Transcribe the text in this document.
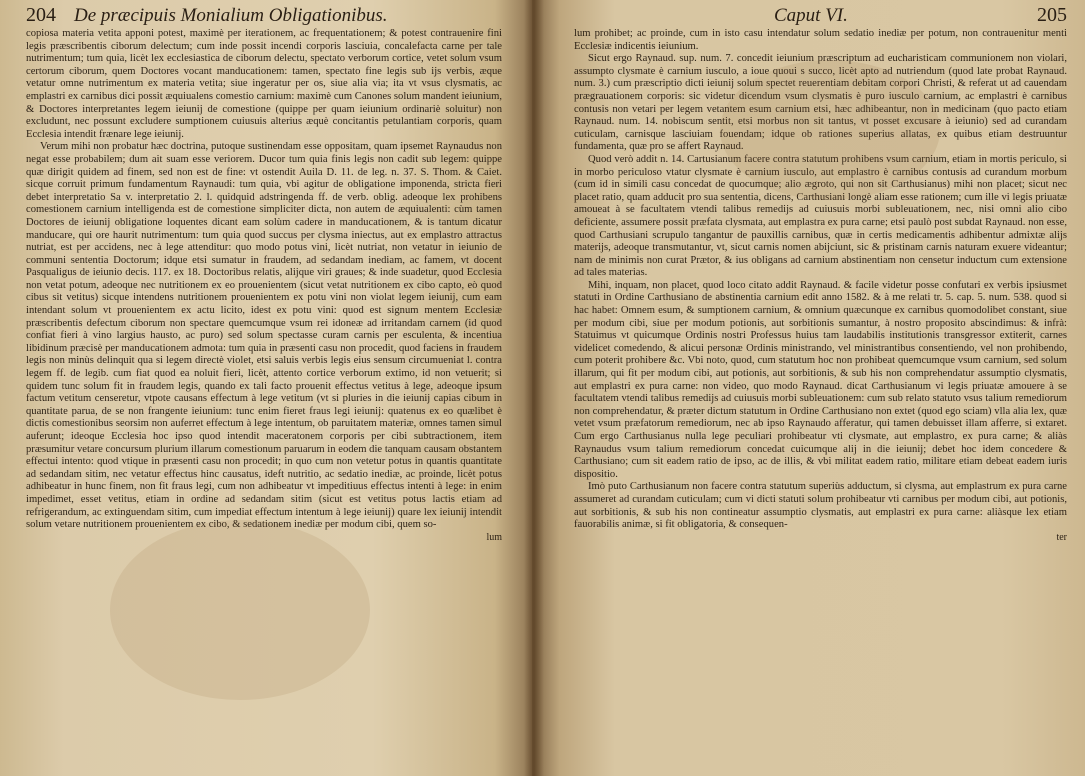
204 De præcipuis Monialium Obligationibus.

copiosa materia vetita apponi potest, maximè per iterationem, ac frequentationem; & potest contrauenire fini legis præscribentis ciborum delectum; cum inde possit incendi corporis lasciuia, concalefacta carne per tale nutrimentum; tum quia, licèt lex ecclesiastica de ciborum delectu, spectato verborum cortice, vetet solum vsum certorum ciborum, quem Doctores vocant manducationem: tamen, spectato fine legis sub ijs verbis, æque vetatur omne nutrimentum ex materia vetita; siue ingeratur per os, siue alia via; ita vt vsus clysmatis, ac emplastri ex carnibus dici possit æquiualens comestio carnium: maximè cum Canones solum mandent ieiunium, & Doctores interpretantes legem ieiunij de comestione (quippe per quam ieiunium ordinariè soluitur) non excludunt, nec possunt excludere sumptionem cuiusuis alterius æquè concitantis petulantiam corporis, quam Ecclesia intendit frænare lege ieiunij.

Verum mihi non probatur hæc doctrina, putoque sustinendam esse oppositam, quam ipsemet Raynaudus non negat esse probabilem; dum ait suam esse veriorem. Ducor tum quia finis legis non cadit sub legem: quippe quæ dirigit quidem ad finem, sed non est de fine: vt ostendit Auila D. 11. de leg. n. 37. S. Thom. & Caiet. sicque corruit primum fundamentum Raynaudi: tum quia, vbi agitur de obligatione imponenda, stricta fieri debet interpretatio Sa v. interpretatio 2. l. quidquid adstringenda ff. de verb. oblig. adeoque lex prohibens comestionem carnium intelligenda est de comestione simpliciter dicta, non autem de æquiualenti: cùm tamen Doctores de ieiunij obligatione loquentes dicant eam solùm cadere in manducationem, & is tantum dicatur manducare, qui ore haurit nutrimentum: tum quia quod succus per clysma iniectus, aut ex emplastro attractus nutriat, est per accidens, nec à lege attenditur: quo modo potus vini, licèt nutriat, non vetatur in ieiunio de communi sententia Doctorum; idque etsi sumatur in fraudem, ad sedandam inediam, ac famem, vt docent Pasqualigus de ieiunio decis. 117. ex 18. Doctoribus relatis, alijque viri graues; & inde suadetur, quod Ecclesia non vetat potum, adeoque nec nutritionem ex eo prouenientem (sicut vetat nutritionem ex cibo capto, eò quod cibus sit vetitus) sicque intendens nutritionem prouenientem ex potu vini non violat legem ieiunij, cum eam intendant solum vt prouenientem ex actu licito, idest ex potu vini: quod est signum mentem Ecclesiæ præscribentis defectum ciborum non spectare quemcumque vsum rei idoneæ ad irritandam carnem (id quod confiat fieri à vino largius hausto, ac puro) sed solum spectasse curam carnis per esculenta, & incentiua libidinum præcisè per manducationem admota: tum quia in præsenti casu non procedit, quod faciens in fraudem legis non minùs delinquit qua si legem directè violet, etsi saluis verbis legis eius sensum circumueniat l. contra legem ff. de legib. cum fiat quod ea noluit fieri, licèt, attento cortice verborum extimo, id non vetuerit; si quidem tunc solum fit in fraudem legis, quando ex tali facto prouenit effectus vetitus à lege, adeoque ipsum factum vetitum censeretur, vtpote causans effectum à lege vetitum (vt si pluries in die ieiunij capias cibum in quantitate parua, de se non frangente ieiunium: tunc enim fieret fraus legi ieiunij: quatenus ex eo quælibet è dictis comestionibus seorsim non auferret effectum à lege intentum, ob paruitatem materiæ, omnes tamen simul auferunt; ideoque Ecclesia hoc ipso quod intendit maceratonem corporis per cibi subtractionem, item præsumitur vetare concursum plurium illarum comestionum paruarum in eodem die tanquam causam obstantem effectui intento: quod vtique in præsenti casu non procedit; in quo cum non vetetur potus in quantis quantitate ad sedandam sitim, nec vetatur effectus hinc causatus, ideft nutritio, ac sedatio inediæ, ac proinde, licèt potus adhibeatur in hunc finem, non fit fraus legi, cum non adhibeatur vt impeditiuus effectus intenti à lege: in enim impedimet, esset vetitus, etiam in ordine ad sedandam sitim (sicut est vetitus potus lactis etiam ad refrigerandum, ac extinguendam sitim, cum impediat effectum intentum à lege ieiunij) quare lex ieiunij intendit solum vetare nutritionem prouenientem ex cibo, & sedationem inediæ per modum cibi, quem so-

lum
Caput VI.	205

lum prohibet; ac proinde, cum in isto casu intendatur solum sedatio inediæ per potum, non contrauenitur menti Ecclesiæ indicentis ieiunium.

Sicut ergo Raynaud. sup. num. 7. concedit ieiunium præscriptum ad eucharisticam communionem non violari, assumpto clysmate è carnium iusculo, a ioue quoui s succo, licèt apto ad nutriendum (quod late probat Raynaud. num. 3.) cum præscriptio dicti ieiunij solum spectet reuerentiam debitam corpori Christi, & referat ut ad cauendam prægrauationem corporis: sic videtur dicendum vsum clysmatis è puro iusculo carnium, ac emplastri è carnibus contusis non vetari per legem vetantem esum carnium etsi, hæc adhibeantur, non in medicinam (quo pacto etiam Raynaud. num. 14. nobiscum sentit, etsi morbus non sit tantus, vt posset excusare à ieiunio) sed ad curandam cuticulam, carnisque lasciuiam fouendam; idque ob rationes superius allatas, ex quibus etiam destruuntur fundamenta, quæ pro se affert Raynaud.

Quod verò addit n. 14. Cartusianum facere contra statutum prohibens vsum carnium, etiam in mortis periculo, si in morbo periculoso vtatur clysmate è carnium iusculo, aut emplastro è carnibus contusis ad curandum morbum (cum id in simili casu concedat de quocumque; alio ægroto, qui non sit Carthusianus) mihi non placet; sicut nec placet ratio, quam adducit pro sua sententia, dicens, Carthusiani longè aliam esse rationem; cum ille vi legis priuatæ amoueat à se facultatem vtendi talibus remedijs ad cuiusuis morbi subleuationem, nec, nisi omni alio cibo deficiente, assumere possit præfata clysmata, aut emplastra ex pura carne; etsi paulò post subdat Raynaud. non esse, quod Carthusiani scrupulo tangantur de pauxillis carnibus, quæ in certis medicamentis adhibentur admixtæ alijs materijs, adeoque transmutantur, vt, sicut carnis nomen abijciunt, sic & pristinam carnis naturam exuere videantur; nam de minimis non curat Prætor, & ius obligans ad carnium abstinentiam non censetur inductum cum extensione ad tales materias.

Mihi, inquam, non placet, quod loco citato addit Raynaud. & facile videtur posse confutari ex verbis ipsiusmet statuti in Ordine Carthusiano de abstinentia carnium edit anno 1582. & à me relati tr. 5. cap. 5. num. 538. quod si hac habet: Omnem esum, & sumptionem carnium, & omnium quæcunque ex carnibus quomodolibet constant, siue per modum cibi, siue per modum potionis, aut sorbitionis sumantur, à nostro proposito abscindimus: & infrà: Statuimus vt quicumque Ordinis nostri Professus huius tam laudabilis institutionis transgressor extiterit, carnes videlicet comedendo, & alicui personæ Ordinis ministrando, vel ministrantibus consentiendo, vel non prohibendo, cum poterit prohibere &c. Vbi noto, quod, cum statutum hoc non prohibeat quemcumque vsum carnium, sed solum illarum, qui fit per modum cibi, aut potionis, aut sorbitionis, & sub his non comprehendatur assumptio clysmatis, aut emplastri ex pura carne: non video, quo modo Raynaud. dicat Carthusianum vi legis priuatæ amouere à se facultatem vtendi talibus remedijs ad cuiusuis morbi subleuationem: cum sub relato statuto vsus talium remediorum non comprehendatur, & præter dictum statutum in Ordine Carthusiano non extet (quod ego sciam) vlla alia lex, quæ vetet vsum præfatorum remediorum, nec ab ipso Raynaudo afferatur, qui tamen debuisset illam afferre, si extaret. Cum ergo Carthusianus nulla lege peculiari prohibeatur vti clysmate, aut emplastro, ex pura carne; & aliàs Raynaudus vsum talium remediorum concedat cuicumque alij in die ieiunij; debet hoc idem concedere & Carthusiano; cum sit eadem ratio de ipso, ac de illis, & vbi militat eadem ratio, militare etiam debeat eadem iuris dispositio.

Imò puto Carthusianum non facere contra statutum superiùs adductum, si clysma, aut emplastrum ex pura carne assumeret ad curandam cuticulam; cum vi dicti statuti solum prohibeatur vti carnibus per modum cibi, aut potionis, aut sorbitionis, & sub his non contineatur assumptio clysmatis, aut emplastri ex pura carne: aliàsque lex etiam fauorabilis animæ, si fit obligatoria, & consequen-

ter
